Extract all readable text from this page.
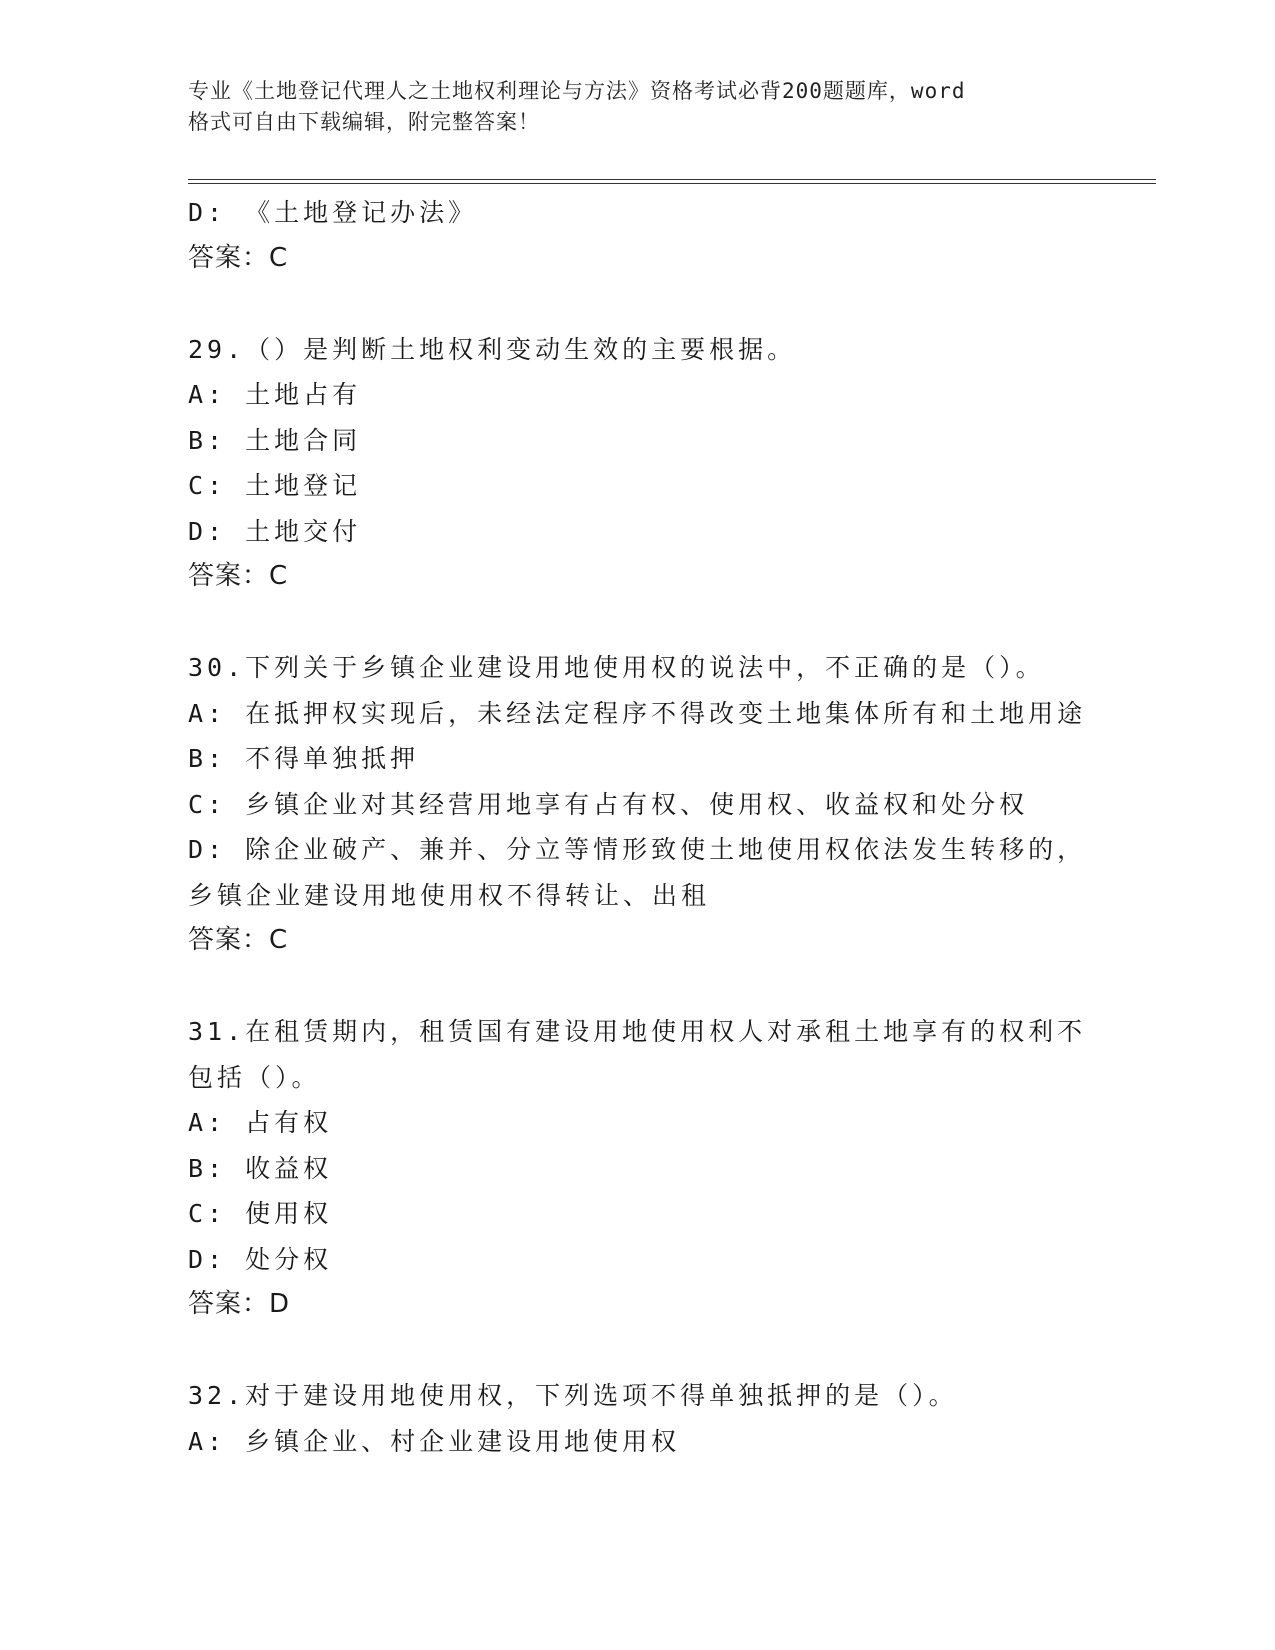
专业《土地登记代理人之土地权利理论与方法》资格考试必背200题题库，word
格式可自由下载编辑，附完整答案！
D: 《土地登记办法》
答案：C
29.（）是判断土地权利变动生效的主要根据。
A: 土地占有
B: 土地合同
C: 土地登记
D: 土地交付
答案：C
30.下列关于乡镇企业建设用地使用权的说法中，不正确的是（）。
A: 在抵押权实现后，未经法定程序不得改变土地集体所有和土地用途
B: 不得单独抵押
C: 乡镇企业对其经营用地享有占有权、使用权、收益权和处分权
D: 除企业破产、兼并、分立等情形致使土地使用权依法发生转移的，
乡镇企业建设用地使用权不得转让、出租
答案：C
31.在租赁期内，租赁国有建设用地使用权人对承租土地享有的权利不
包括（）。
A: 占有权
B: 收益权
C: 使用权
D: 处分权
答案：D
32.对于建设用地使用权，下列选项不得单独抵押的是（）。
A: 乡镇企业、村企业建设用地使用权
